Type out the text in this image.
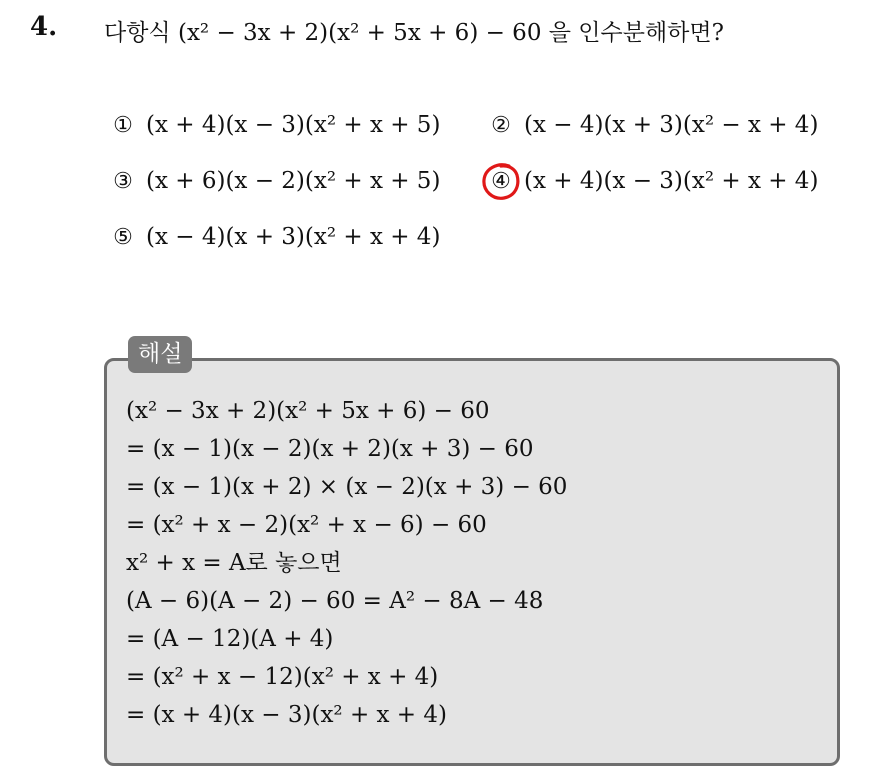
4. 다항식 (x² − 3x + 2)(x² + 5x + 6) − 60 을 인수분해하면?
① (x + 4)(x − 3)(x² + x + 5) ② (x − 4)(x + 3)(x² − x + 4)
③ (x + 6)(x − 2)(x² + x + 5) ④ (x + 4)(x − 3)(x² + x + 4)
⑤ (x − 4)(x + 3)(x² + x + 4)
해설
(x² − 3x + 2)(x² + 5x + 6) − 60
= (x − 1)(x − 2)(x + 2)(x + 3) − 60
= (x − 1)(x + 2) × (x − 2)(x + 3) − 60
= (x² + x − 2)(x² + x − 6) − 60
x² + x = A로 놓으면
(A − 6)(A − 2) − 60 = A² − 8A − 48
= (A − 12)(A + 4)
= (x² + x − 12)(x² + x + 4)
= (x + 4)(x − 3)(x² + x + 4)
